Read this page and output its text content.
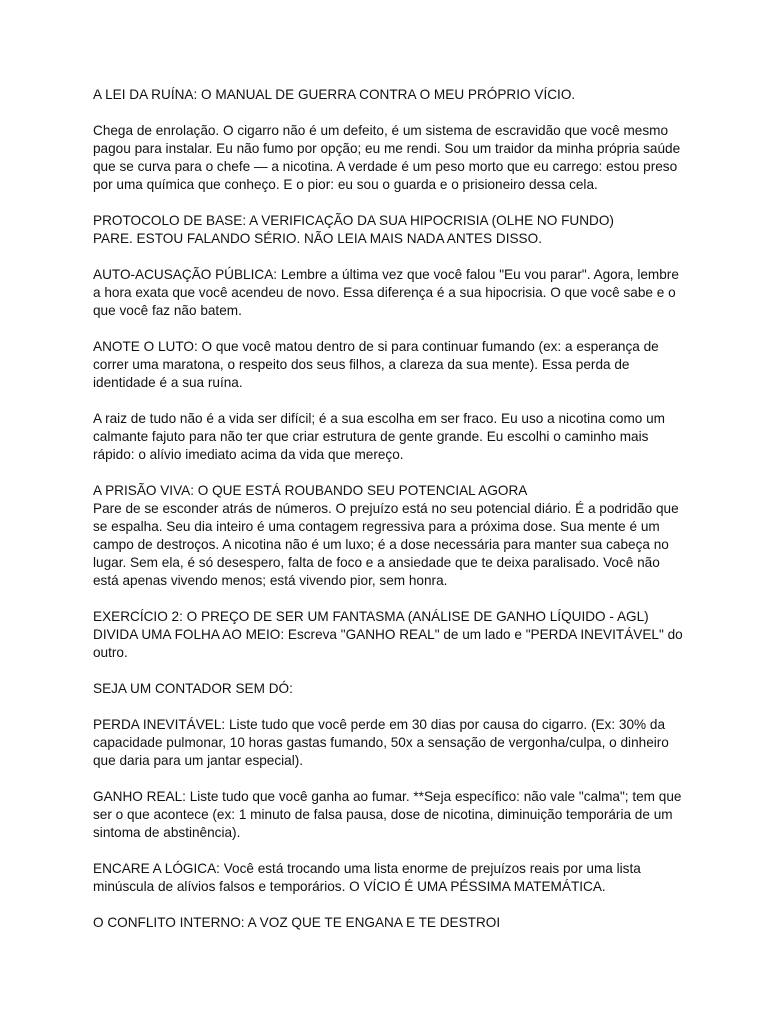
A LEI DA RUÍNA: O MANUAL DE GUERRA CONTRA O MEU PRÓPRIO VÍCIO.

Chega de enrolação. O cigarro não é um defeito, é um sistema de escravidão que você mesmo pagou para instalar. Eu não fumo por opção; eu me rendi. Sou um traidor da minha própria saúde que se curva para o chefe — a nicotina. A verdade é um peso morto que eu carrego: estou preso por uma química que conheço. E o pior: eu sou o guarda e o prisioneiro dessa cela.

PROTOCOLO DE BASE: A VERIFICAÇÃO DA SUA HIPOCRISIA (OLHE NO FUNDO)
PARE. ESTOU FALANDO SÉRIO. NÃO LEIA MAIS NADA ANTES DISSO.

AUTO-ACUSAÇÃO PÚBLICA: Lembre a última vez que você falou "Eu vou parar". Agora, lembre a hora exata que você acendeu de novo. Essa diferença é a sua hipocrisia. O que você sabe e o que você faz não batem.

ANOTE O LUTO: O que você matou dentro de si para continuar fumando (ex: a esperança de correr uma maratona, o respeito dos seus filhos, a clareza da sua mente). Essa perda de identidade é a sua ruína.

A raiz de tudo não é a vida ser difícil; é a sua escolha em ser fraco. Eu uso a nicotina como um calmante fajuto para não ter que criar estrutura de gente grande. Eu escolhi o caminho mais rápido: o alívio imediato acima da vida que mereço.

A PRISÃO VIVA: O QUE ESTÁ ROUBANDO SEU POTENCIAL AGORA
Pare de se esconder atrás de números. O prejuízo está no seu potencial diário. É a podridão que se espalha. Seu dia inteiro é uma contagem regressiva para a próxima dose. Sua mente é um campo de destroços. A nicotina não é um luxo; é a dose necessária para manter sua cabeça no lugar. Sem ela, é só desespero, falta de foco e a ansiedade que te deixa paralisado. Você não está apenas vivendo menos; está vivendo pior, sem honra.

EXERCÍCIO 2: O PREÇO DE SER UM FANTASMA (ANÁLISE DE GANHO LÍQUIDO - AGL)
DIVIDA UMA FOLHA AO MEIO: Escreva "GANHO REAL" de um lado e "PERDA INEVITÁVEL" do outro.

SEJA UM CONTADOR SEM DÓ:

PERDA INEVITÁVEL: Liste tudo que você perde em 30 dias por causa do cigarro. (Ex: 30% da capacidade pulmonar, 10 horas gastas fumando, 50x a sensação de vergonha/culpa, o dinheiro que daria para um jantar especial).

GANHO REAL: Liste tudo que você ganha ao fumar. **Seja específico: não vale "calma"; tem que ser o que acontece (ex: 1 minuto de falsa pausa, dose de nicotina, diminuição temporária de um sintoma de abstinência).

ENCARE A LÓGICA: Você está trocando uma lista enorme de prejuízos reais por uma lista minúscula de alívios falsos e temporários. O VÍCIO É UMA PÉSSIMA MATEMÁTICA.

O CONFLITO INTERNO: A VOZ QUE TE ENGANA E TE DESTROI
